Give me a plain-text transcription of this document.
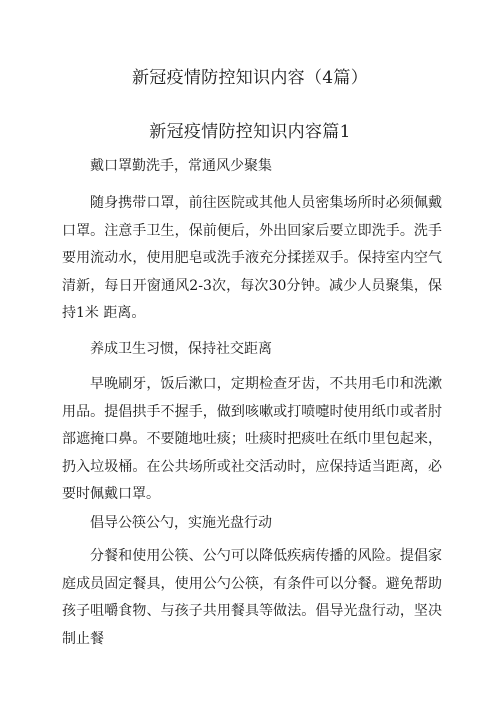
新冠疫情防控知识内容（4篇）
新冠疫情防控知识内容篇1

戴口罩勤洗手，常通风少聚集

随身携带口罩，前往医院或其他人员密集场所时必须佩戴口罩。注意手卫生，保前便后，外出回家后要立即洗手。洗手要用流动水，使用肥皂或洗手液充分揉搓双手。保持室内空气清新，每日开窗通风2-3次，每次30分钟。减少人员聚集，保持1米 距离。

养成卫生习惯，保持社交距离

早晚刷牙，饭后漱口，定期检查牙齿，不共用毛巾和洗漱用品。提倡拱手不握手，做到咳嗽或打喷嚏时使用纸巾或者肘部遮掩口鼻。不要随地吐痰；吐痰时把痰吐在纸巾里包起来，扔入垃圾桶。在公共场所或社交活动时，应保持适当距离，必要时佩戴口罩。

倡导公筷公勺，实施光盘行动

分餐和使用公筷、公勺可以降低疾病传播的风险。提倡家庭成员固定餐具，使用公勺公筷，有条件可以分餐。避免帮助孩子咀嚼食物、与孩子共用餐具等做法。倡导光盘行动，坚决制止餐
